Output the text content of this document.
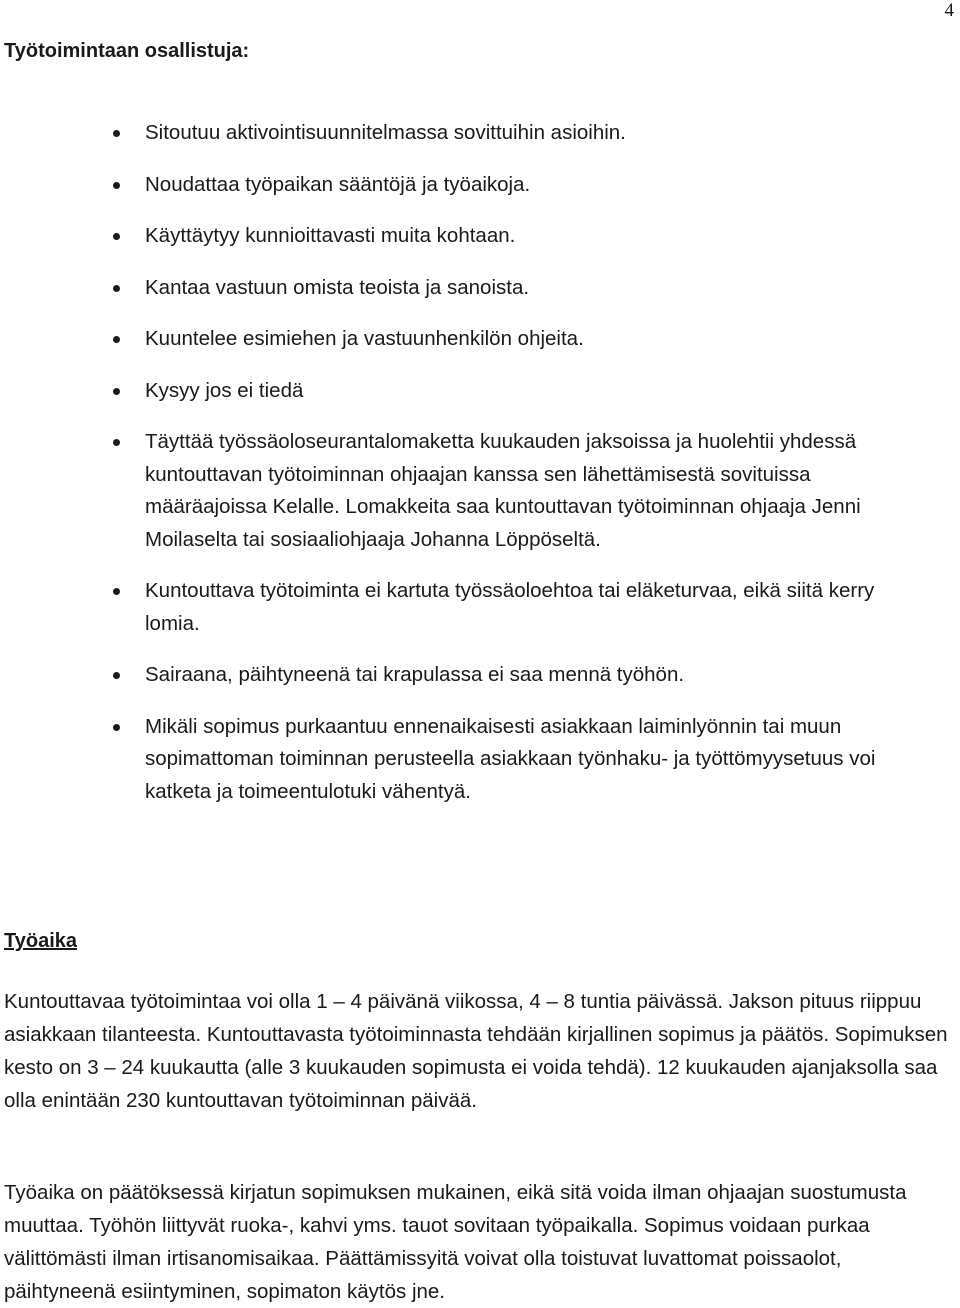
4
Työtoimintaan osallistuja:
Sitoutuu aktivointisuunnitelmassa sovittuihin asioihin.
Noudattaa työpaikan sääntöjä ja työaikoja.
Käyttäytyy kunnioittavasti muita kohtaan.
Kantaa vastuun omista teoista ja sanoista.
Kuuntelee esimiehen ja vastuunhenkilön ohjeita.
Kysyy jos ei tiedä
Täyttää työssäoloseurantalomaketta kuukauden jaksoissa ja huolehtii yhdessä kuntouttavan työtoiminnan ohjaajan kanssa sen lähettämisestä sovituissa määräajoissa Kelalle. Lomakkeita saa kuntouttavan työtoiminnan ohjaaja Jenni Moilaselta tai sosiaaliohjaaja Johanna Löppöseltä.
Kuntouttava työtoiminta ei kartuta työssäoloehtoa tai eläketurvaa, eikä siitä kerry lomia.
Sairaana, päihtyneenä tai krapulassa ei saa mennä työhön.
Mikäli sopimus purkaantuu ennenaikaisesti asiakkaan laiminlyönnin tai muun sopimattoman toiminnan perusteella asiakkaan työnhaku- ja työttömyysetuus voi katketa ja toimeentulotuki vähentyä.
Työaika

Kuntouttavaa työtoimintaa voi olla 1 – 4 päivänä viikossa, 4 – 8 tuntia päivässä. Jakson pituus riippuu asiakkaan tilanteesta. Kuntouttavasta työtoiminnasta tehdään kirjallinen sopimus ja päätös. Sopimuksen kesto on 3 – 24 kuukautta (alle 3 kuukauden sopimusta ei voida tehdä). 12 kuukauden ajanjaksolla saa olla enintään 230 kuntouttavan työtoiminnan päivää.

Työaika on päätöksessä kirjatun sopimuksen mukainen, eikä sitä voida ilman ohjaajan suostumusta muuttaa. Työhön liittyvät ruoka-, kahvi yms. tauot sovitaan työpaikalla. Sopimus voidaan purkaa välittömästi ilman irtisanomisaikaa. Päättämissyitä voivat olla toistuvat luvattomat poissaolot, päihtyneenä esiintyminen, sopimaton käytös jne.
